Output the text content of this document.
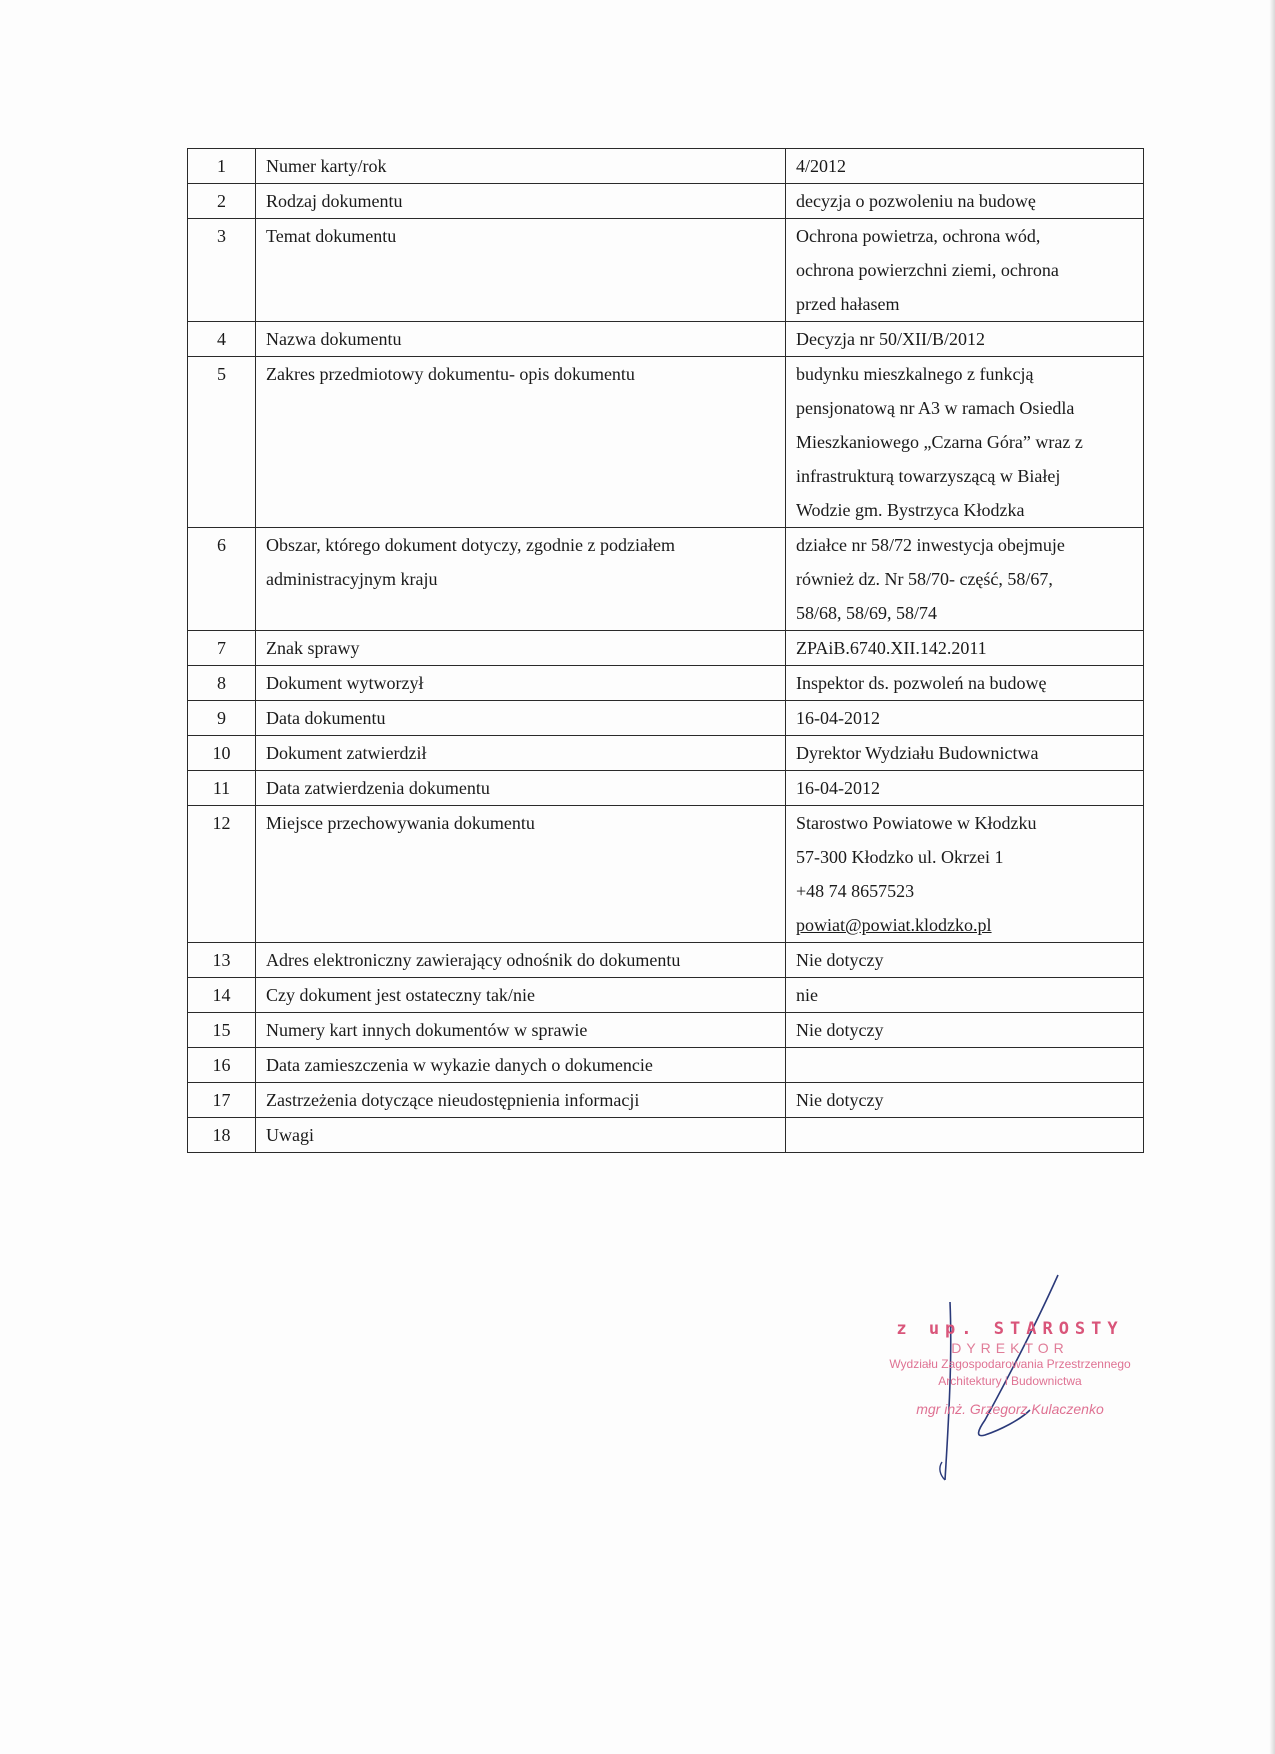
1	Numer karty/rok	4/2012

2	Rodzaj dokumentu	decyzja o pozwoleniu na budowę

3	Temat dokumentu	Ochrona powietrza, ochrona wód,
ochrona powierzchni ziemi, ochrona
przed hałasem

4	Nazwa dokumentu	Decyzja nr 50/XII/B/2012

5	Zakres przedmiotowy dokumentu- opis dokumentu	budynku mieszkalnego z funkcją
pensjonatową nr A3 w ramach Osiedla
Mieszkaniowego „Czarna Góra” wraz z
infrastrukturą towarzyszącą w Białej
Wodzie gm. Bystrzyca Kłodzka

6	Obszar, którego dokument dotyczy, zgodnie z podziałem administracyjnym kraju	działce nr 58/72 inwestycja obejmuje
również dz. Nr 58/70- część, 58/67,
58/68, 58/69, 58/74

7	Znak sprawy	ZPAiB.6740.XII.142.2011

8	Dokument wytworzył	Inspektor ds. pozwoleń na budowę

9	Data dokumentu	16-04-2012

10	Dokument zatwierdził	Dyrektor Wydziału Budownictwa

11	Data zatwierdzenia dokumentu	16-04-2012

12	Miejsce przechowywania dokumentu	Starostwo Powiatowe w Kłodzku
57-300 Kłodzko ul. Okrzei 1
+48 74 8657523
powiat@powiat.klodzko.pl

13	Adres elektroniczny zawierający odnośnik do dokumentu	Nie dotyczy

14	Czy dokument jest ostateczny tak/nie	nie

15	Numery kart innych dokumentów w sprawie	Nie dotyczy

16	Data zamieszczenia w wykazie danych o dokumencie	

17	Zastrzeżenia dotyczące nieudostępnienia informacji	Nie dotyczy

18	Uwagi	

z up. STAROSTY
DYREKTOR
Wydziału Zagospodarowania Przestrzennego
Architektury i Budownictwa
mgr inż. Grzegorz Kulaczenko
